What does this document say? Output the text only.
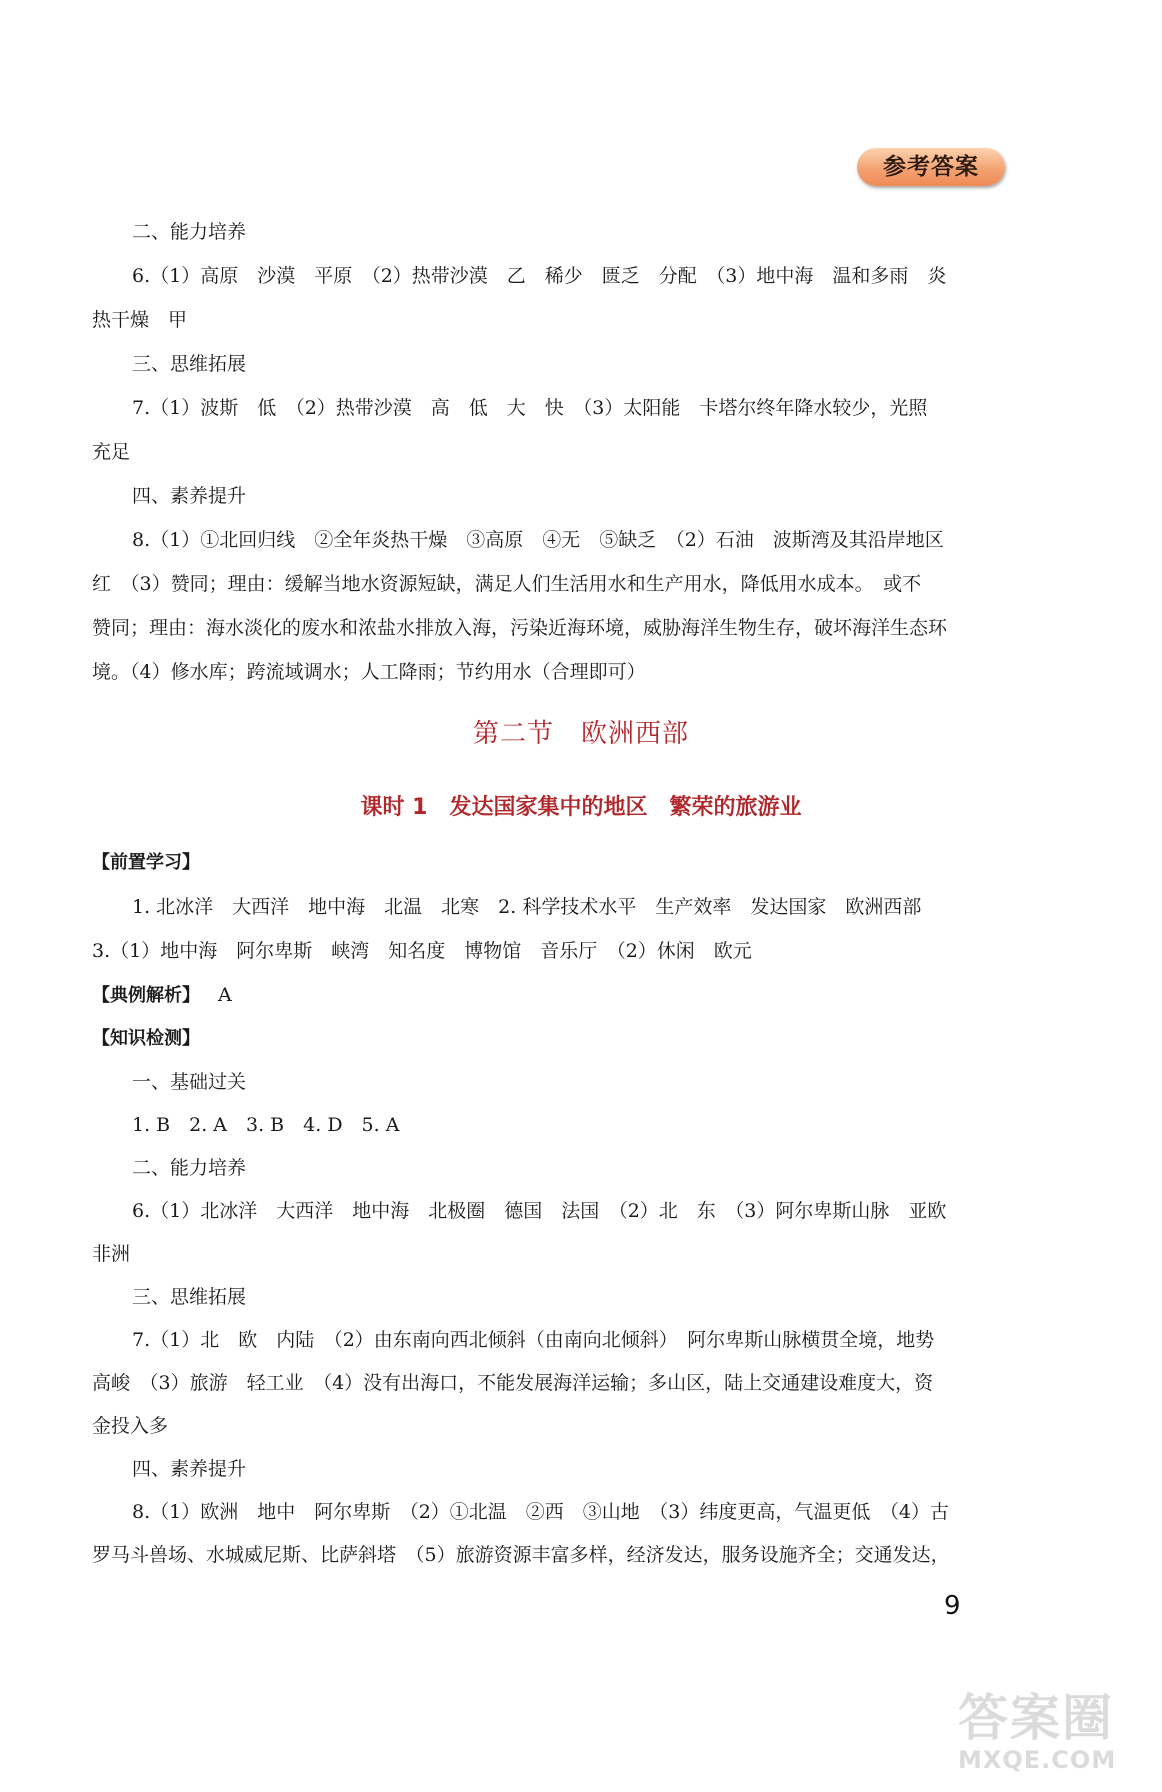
参考答案
二、能力培养
6.（1）高原　沙漠　平原　（2）热带沙漠　乙　稀少　匮乏　分配　（3）地中海　温和多雨　炎
热干燥　甲
三、思维拓展
7.（1）波斯　低　（2）热带沙漠　高　低　大　快　（3）太阳能　卡塔尔终年降水较少，光照
充足
四、素养提升
8.（1）①北回归线　②全年炎热干燥　③高原　④无　⑤缺乏　（2）石油　波斯湾及其沿岸地区
红　（3）赞同；理由：缓解当地水资源短缺，满足人们生活用水和生产用水，降低用水成本。　或不
赞同；理由：海水淡化的废水和浓盐水排放入海，污染近海环境，威胁海洋生物生存，破坏海洋生态环
境。（4）修水库；跨流域调水；人工降雨；节约用水（合理即可）
第二节　欧洲西部
课时 1　发达国家集中的地区　繁荣的旅游业
【前置学习】
1. 北冰洋　大西洋　地中海　北温　北寒　2. 科学技术水平　生产效率　发达国家　欧洲西部
3.（1）地中海　阿尔卑斯　峡湾　知名度　博物馆　音乐厅　（2）休闲　欧元
【典例解析】 A
【知识检测】
一、基础过关
1. B　2. A　3. B　4. D　5. A
二、能力培养
6.（1）北冰洋　大西洋　地中海　北极圈　德国　法国　（2）北　东　（3）阿尔卑斯山脉　亚欧
非洲
三、思维拓展
7.（1）北　欧　内陆　（2）由东南向西北倾斜（由南向北倾斜）　阿尔卑斯山脉横贯全境，地势
高峻　（3）旅游　轻工业　（4）没有出海口，不能发展海洋运输；多山区，陆上交通建设难度大，资
金投入多
四、素养提升
8.（1）欧洲　地中　阿尔卑斯　（2）①北温　②西　③山地　（3）纬度更高，气温更低　（4）古
罗马斗兽场、水城威尼斯、比萨斜塔　（5）旅游资源丰富多样，经济发达，服务设施齐全；交通发达，
9
答案圈
MXQE.COM
